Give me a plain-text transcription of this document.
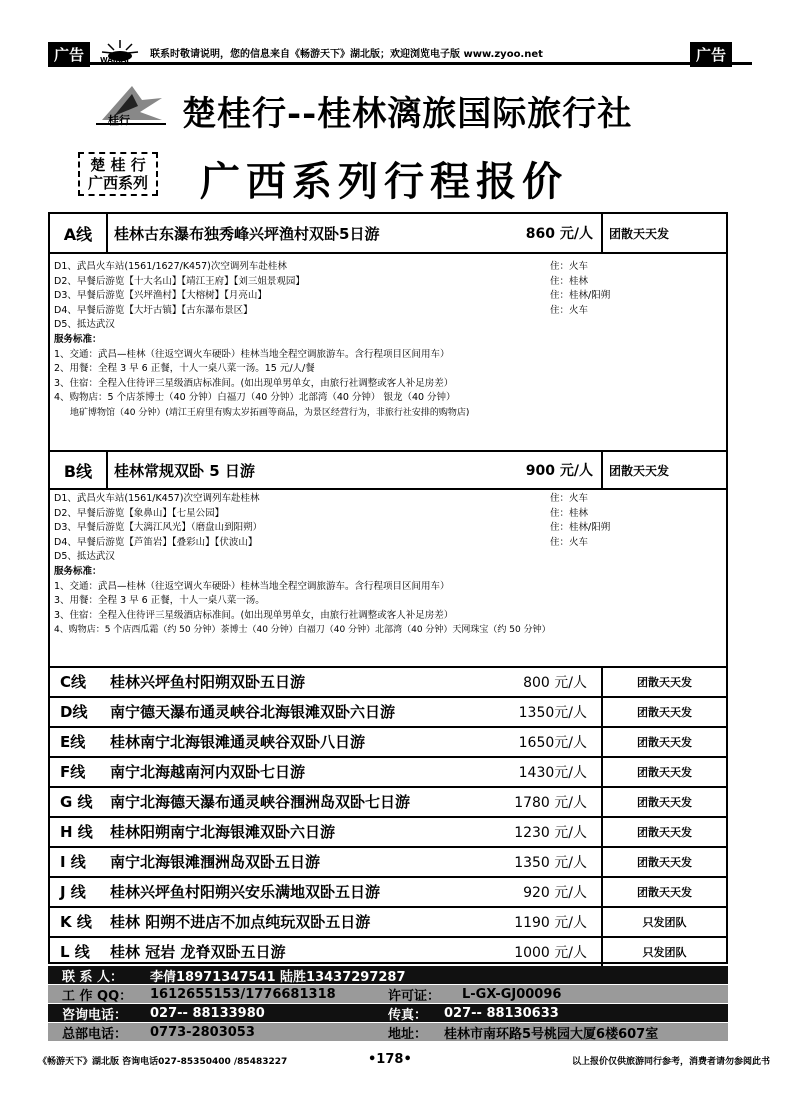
广告	WAIKAI 联系时敬请说明，您的信息来自《畅游天下》湖北版；欢迎浏览电子版 www.zyoo.net	广告
桂行 楚桂行--桂林漓旅国际旅行社
楚 桂 行
广西系列 广西系列行程报价
A线	桂林古东瀑布独秀峰兴坪渔村双卧5日游	860 元/人	团散天天发
D1、武昌火车站(1561/1627/K457)次空调列车赴桂林	住：火车
D2、早餐后游览【十大名山】【靖江王府】【刘三姐景观园】	住：桂林
D3、早餐后游览【兴坪渔村】【大榕树】【月亮山】	住：桂林/阳朔
D4、早餐后游览【大圩古镇】【古东瀑布景区】	住：火车
D5、抵达武汉
服务标准：
1、交通：武昌—桂林（往返空调火车硬卧）桂林当地全程空调旅游车。含行程项目区间用车）
2、用餐：全程 3 早 6 正餐，十人一桌八菜一汤。15 元/人/餐
3、住宿：全程入住待评三星级酒店标准间。(如出现单男单女，由旅行社调整或客人补足房差）
4、购物店：5 个店茶博士（40 分钟）白福刀（40 分钟）北部湾（40 分钟） 银龙（40 分钟）
地矿博物馆（40 分钟）(靖江王府里有购太岁拓画等商品，为景区经营行为，非旅行社安排的购物店)
B线	桂林常规双卧 5 日游	900 元/人	团散天天发
D1、武昌火车站(1561/K457)次空调列车赴桂林	住：火车
D2、早餐后游览【象鼻山】【七星公园】	住：桂林
D3、早餐后游览【大漓江风光】（磨盘山到阳朔）	住：桂林/阳朔
D4、早餐后游览【芦笛岩】【叠彩山】【伏波山】	住：火车
D5、抵达武汉
服务标准：
1、交通：武昌—桂林（往返空调火车硬卧）桂林当地全程空调旅游车。含行程项目区间用车）
3、用餐：全程 3 早 6 正餐，十人一桌八菜一汤。
3、住宿：全程入住待评三星级酒店标准间。(如出现单男单女，由旅行社调整或客人补足房差）
4、购物店：5 个店西瓜霜（约 50 分钟）茶博士（40 分钟）白福刀（40 分钟）北部湾（40 分钟）天网珠宝（约 50 分钟）
C线	桂林兴坪鱼村阳朔双卧五日游	800 元/人	团散天天发
D线	南宁德天瀑布通灵峡谷北海银滩双卧六日游	1350元/人	团散天天发
E线	桂林南宁北海银滩通灵峡谷双卧八日游	1650元/人	团散天天发
F线	南宁北海越南河内双卧七日游	1430元/人	团散天天发
G 线	南宁北海德天瀑布通灵峡谷涠洲岛双卧七日游	1780 元/人	团散天天发
H 线	桂林阳朔南宁北海银滩双卧六日游	1230 元/人	团散天天发
I 线	南宁北海银滩涠洲岛双卧五日游	1350 元/人	团散天天发
J 线	桂林兴坪鱼村阳朔兴安乐满地双卧五日游	920 元/人	团散天天发
K 线	桂林 阳朔不进店不加点纯玩双卧五日游	1190 元/人	只发团队
L 线	桂林 冠岩 龙脊双卧五日游	1000 元/人	只发团队
联 系 人：	李倩18971347541 陆胜13437297287
工 作 QQ：	1612655153/1776681318	许可证：	L-GX-GJ00096
咨询电话：	027-- 88133980	传真：	027-- 88130633
总部电话：	0773-2803053	地址：	桂林市南环路5号桃园大厦6楼607室
《畅游天下》湖北版 咨询电话027-85350400 /85483227	•178•	以上报价仅供旅游同行参考，消费者请勿参阅此书
